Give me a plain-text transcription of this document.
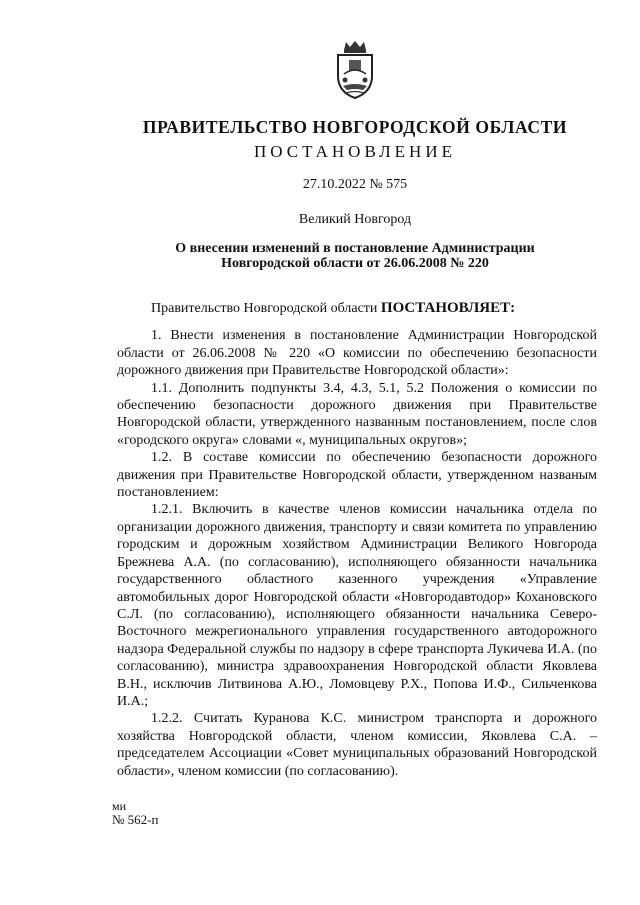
ПРАВИТЕЛЬСТВО НОВГОРОДСКОЙ ОБЛАСТИ
ПОСТАНОВЛЕНИЕ
27.10.2022 № 575
Великий Новгород
О внесении изменений в постановление Администрации
Новгородской области от 26.06.2008 № 220

Правительство Новгородской области ПОСТАНОВЛЯЕТ:

1. Внести изменения в постановление Администрации Новгородской области от 26.06.2008 № 220 «О комиссии по обеспечению безопасности дорожного движения при Правительстве Новгородской области»:

1.1. Дополнить подпункты 3.4, 4.3, 5.1, 5.2 Положения о комиссии по обеспечению безопасности дорожного движения при Правительстве Новгородской области, утвержденного названным постановлением, после слов «городского округа» словами «, муниципальных округов»;

1.2. В составе комиссии по обеспечению безопасности дорожного движения при Правительстве Новгородской области, утвержденном названым постановлением:

1.2.1. Включить в качестве членов комиссии начальника отдела по организации дорожного движения, транспорту и связи комитета по управлению городским и дорожным хозяйством Администрации Великого Новгорода Брежнева А.А. (по согласованию), исполняющего обязанности начальника государственного областного казенного учреждения «Управление автомобильных дорог Новгородской области «Новгородавтодор» Кохановского С.Л. (по согласованию), исполняющего обязанности начальника Северо-Восточного межрегионального управления государственного автодорожного надзора Федеральной службы по надзору в сфере транспорта Лукичева И.А. (по согласованию), министра здравоохранения Новгородской области Яковлева В.Н., исключив Литвинова А.Ю., Ломовцеву Р.Х., Попова И.Ф., Сильченкова И.А.;

1.2.2. Считать Куранова К.С. министром транспорта и дорожного хозяйства Новгородской области, членом комиссии, Яковлева С.А. – председателем Ассоциации «Совет муниципальных образований Новгородской области», членом комиссии (по согласованию).

ми
№ 562-п
